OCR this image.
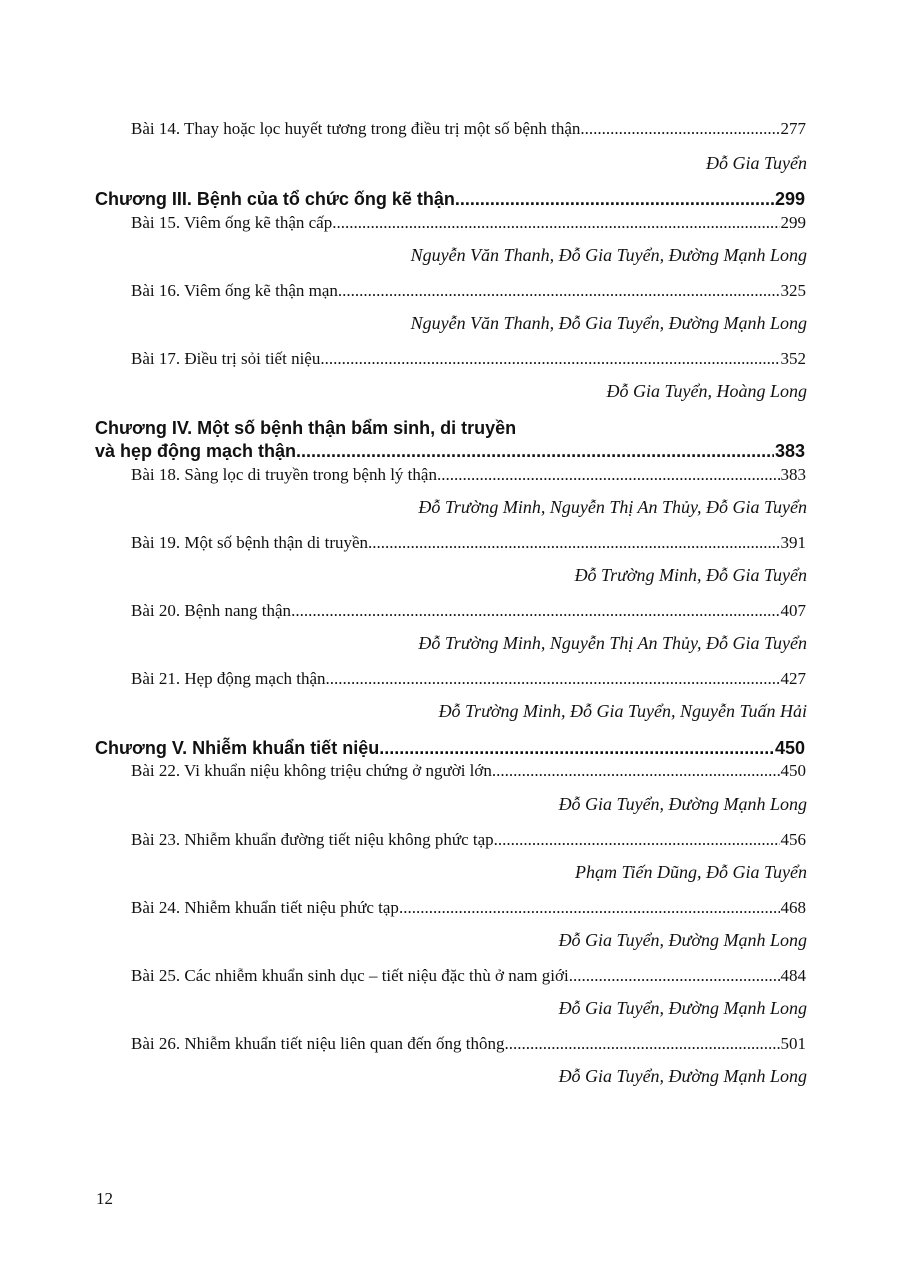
Bài 14. Thay hoặc lọc huyết tương trong điều trị một số bệnh thận .....	277
Đỗ Gia Tuyển
Chương III. Bệnh của tổ chức ống kẽ thận .....	299
Bài 15. Viêm ống kẽ thận cấp .....	299
Nguyễn Văn Thanh, Đỗ Gia Tuyển, Đường Mạnh Long
Bài 16. Viêm ống kẽ thận mạn .....	325
Nguyễn Văn Thanh, Đỗ Gia Tuyển, Đường Mạnh Long
Bài 17. Điều trị sỏi tiết niệu .....	352
Đỗ Gia Tuyển, Hoàng Long
Chương IV. Một số bệnh thận bẩm sinh, di truyền
và hẹp động mạch thận .....	383
Bài 18. Sàng lọc di truyền trong bệnh lý thận .....	383
Đỗ Trường Minh, Nguyễn Thị An Thủy, Đỗ Gia Tuyển
Bài 19. Một số bệnh thận di truyền .....	391
Đỗ Trường Minh, Đỗ Gia Tuyển
Bài 20. Bệnh nang thận .....	407
Đỗ Trường Minh, Nguyễn Thị An Thủy, Đỗ Gia Tuyển
Bài 21. Hẹp động mạch thận .....	427
Đỗ Trường Minh, Đỗ Gia Tuyển, Nguyễn Tuấn Hải
Chương V. Nhiễm khuẩn tiết niệu .....	450
Bài 22. Vi khuẩn niệu không triệu chứng ở người lớn .....	450
Đỗ Gia Tuyển, Đường Mạnh Long
Bài 23. Nhiễm khuẩn đường tiết niệu không phức tạp .....	456
Phạm Tiến Dũng, Đỗ Gia Tuyển
Bài 24. Nhiễm khuẩn tiết niệu phức tạp .....	468
Đỗ Gia Tuyển, Đường Mạnh Long
Bài 25. Các nhiễm khuẩn sinh dục – tiết niệu đặc thù ở nam giới .....	484
Đỗ Gia Tuyển, Đường Mạnh Long
Bài 26. Nhiễm khuẩn tiết niệu liên quan đến ống thông .....	501
Đỗ Gia Tuyển, Đường Mạnh Long
12
